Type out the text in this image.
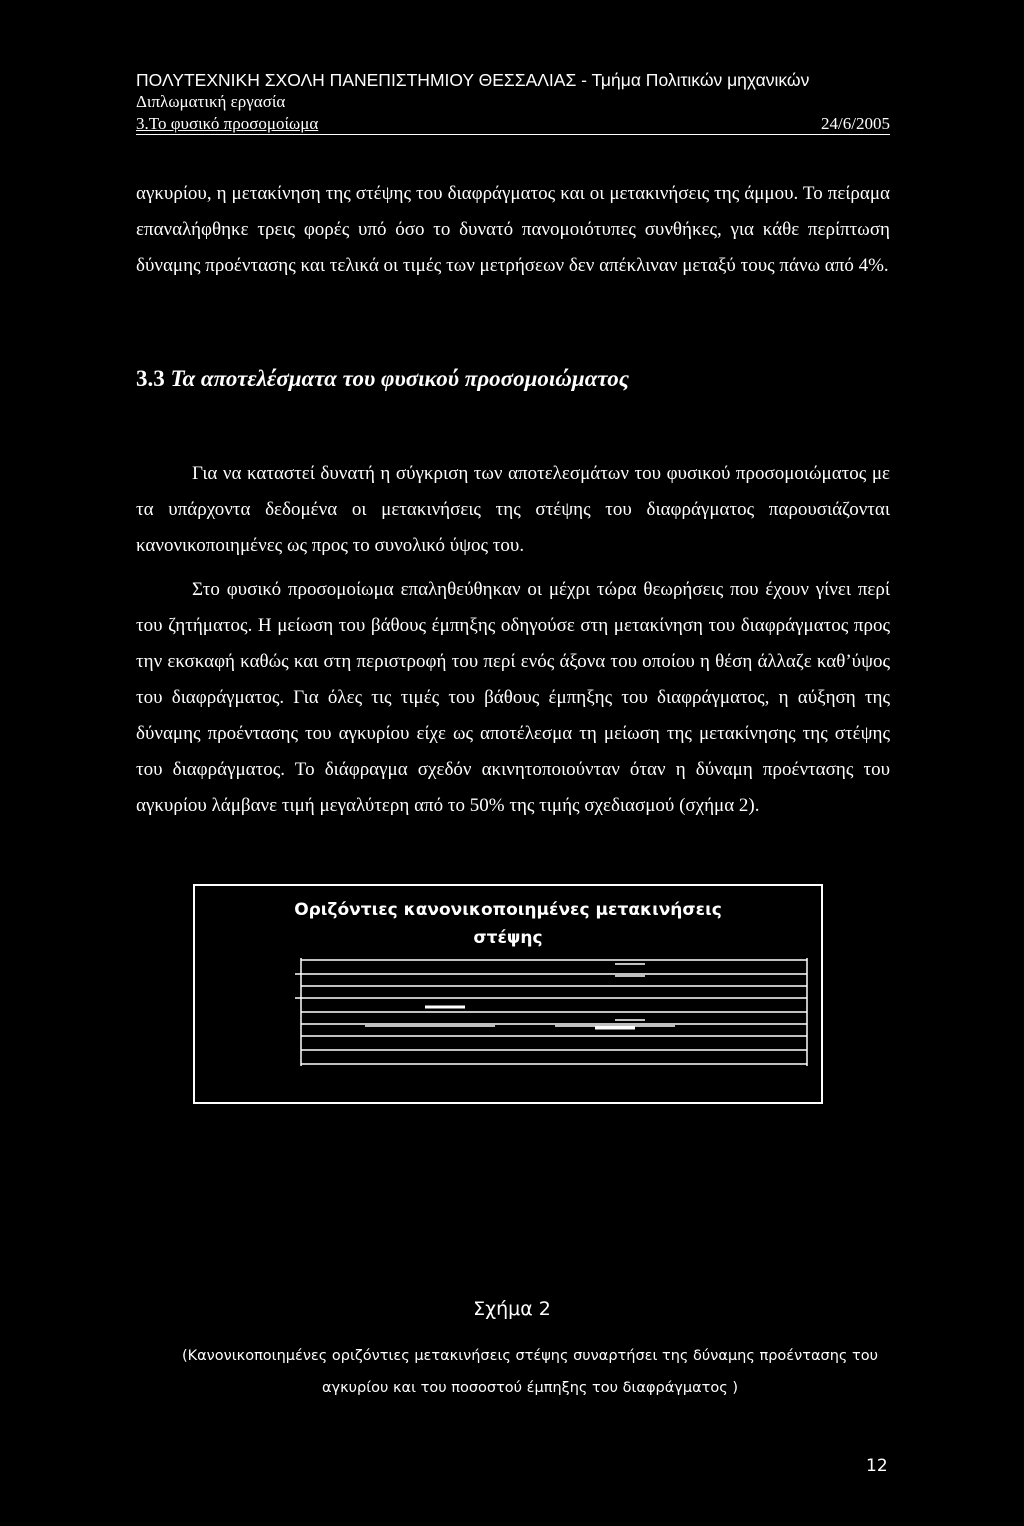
ΠΟΛΥΤΕΧΝΙΚΗ ΣΧΟΛΗ ΠΑΝΕΠΙΣΤΗΜΙΟΥ ΘΕΣΣΑΛΙΑΣ - Τμήμα Πολιτικών μηχανικών
Διπλωματική εργασία
3.Το φυσικό προσομοίωμα	24/6/2005

αγκυρίου, η μετακίνηση της στέψης του διαφράγματος και οι μετακινήσεις της άμμου. Το πείραμα επαναλήφθηκε τρεις φορές υπό όσο το δυνατό πανομοιότυπες συνθήκες, για κάθε περίπτωση δύναμης προέντασης και τελικά οι τιμές των μετρήσεων δεν απέκλιναν μεταξύ τους πάνω από 4%.

3.3 Τα αποτελέσματα του φυσικού προσομοιώματος

Για να καταστεί δυνατή η σύγκριση των αποτελεσμάτων του φυσικού προσομοιώματος με τα υπάρχοντα δεδομένα οι μετακινήσεις της στέψης του διαφράγματος παρουσιάζονται κανονικοποιημένες ως προς το συνολικό ύψος του.

Στο φυσικό προσομοίωμα επαληθεύθηκαν οι μέχρι τώρα θεωρήσεις που έχουν γίνει περί του ζητήματος. Η μείωση του βάθους έμπηξης οδηγούσε στη μετακίνηση του διαφράγματος προς την εκσκαφή καθώς και στη περιστροφή του περί ενός άξονα του οποίου η θέση άλλαζε καθ’ύψος του διαφράγματος. Για όλες τις τιμές του βάθους έμπηξης του διαφράγματος, η αύξηση της δύναμης προέντασης του αγκυρίου είχε ως αποτέλεσμα τη μείωση της μετακίνησης της στέψης του διαφράγματος. Το διάφραγμα σχεδόν ακινητοποιούνταν όταν η δύναμη προέντασης του αγκυρίου λάμβανε τιμή μεγαλύτερη από το 50% της τιμής σχεδιασμού (σχήμα 2).

Οριζόντιες κανονικοποιημένες μετακινήσεις
στέψης
Σχήμα 2
(Κανονικοποιημένες οριζόντιες μετακινήσεις στέψης συναρτήσει της δύναμης προέντασης του
αγκυρίου και του ποσοστού έμπηξης του διαφράγματος )
12
